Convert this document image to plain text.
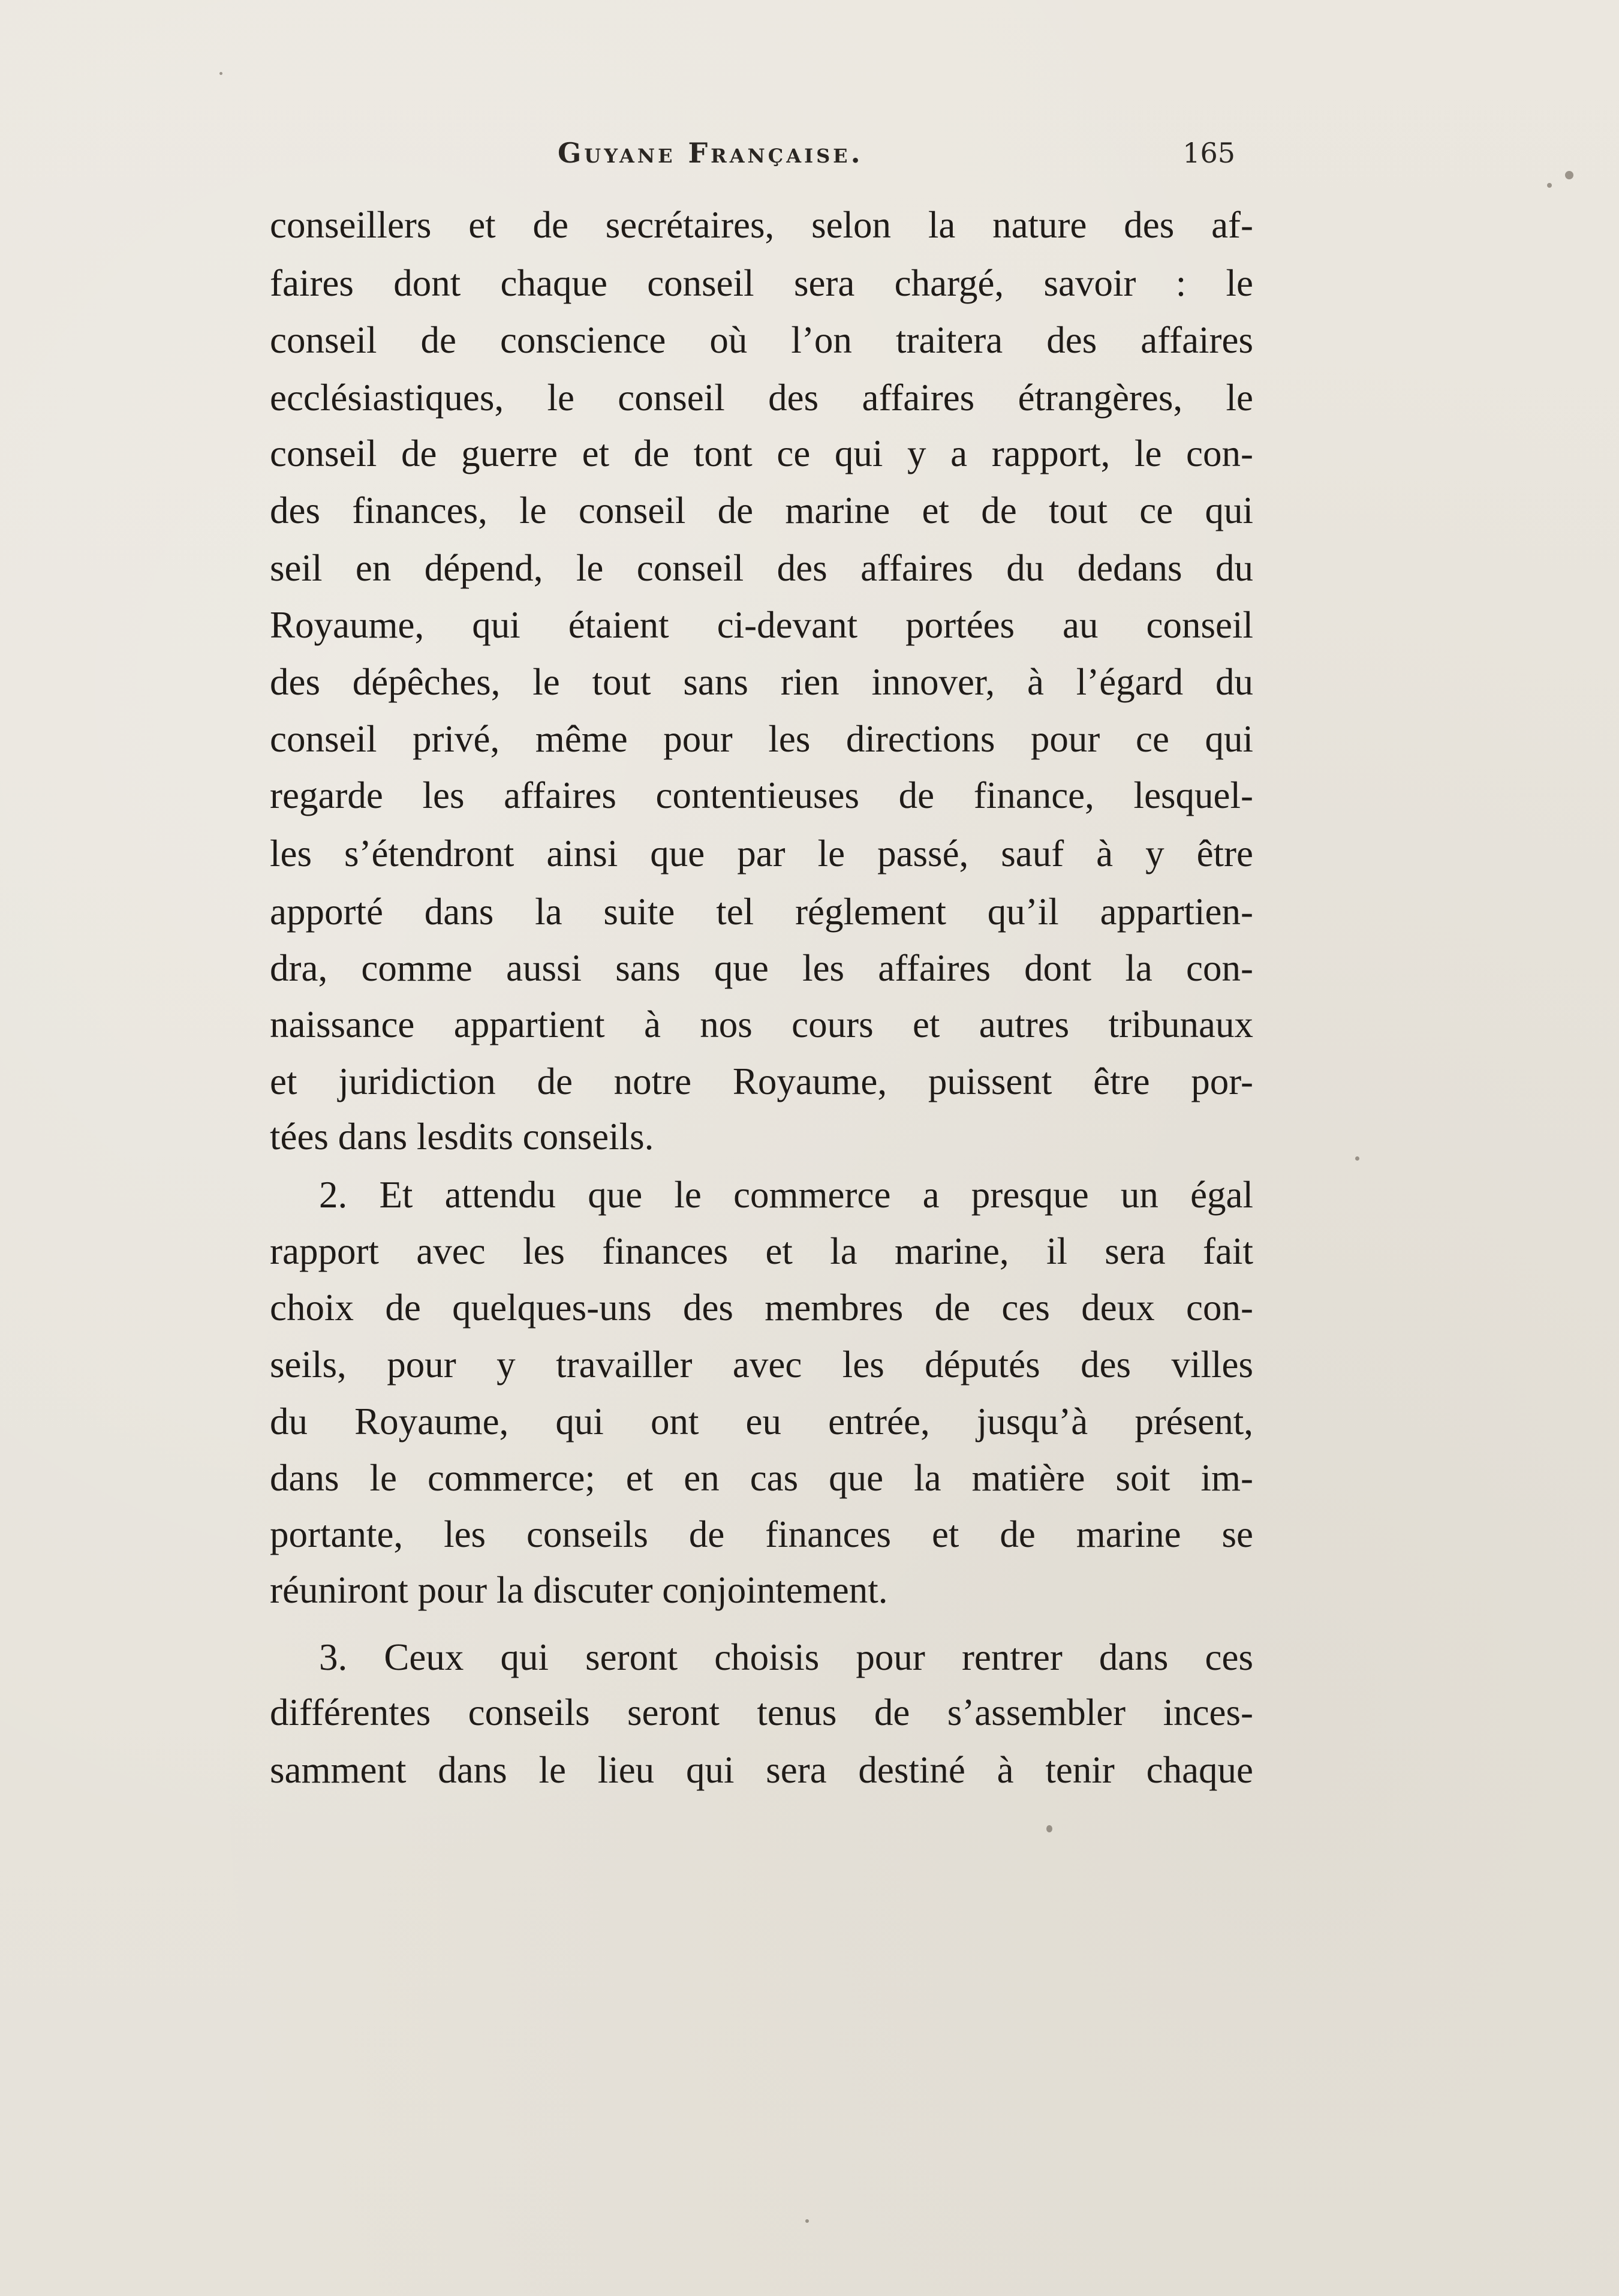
Guyane Française.	165
conseillers et de secrétaires, selon la nature des af-
faires dont chaque conseil sera chargé, savoir : le
conseil de conscience où l’on traitera des affaires
ecclésiastiques, le conseil des affaires étrangères, le
conseil de guerre et de tont ce qui y a rapport, le con-
des finances, le conseil de marine et de tout ce qui
seil en dépend, le conseil des affaires du dedans du
Royaume, qui étaient ci-devant portées au conseil
des dépêches, le tout sans rien innover, à l’égard du
conseil privé, même pour les directions pour ce qui
regarde les affaires contentieuses de finance, lesquel-
les s’étendront ainsi que par le passé, sauf à y être
apporté dans la suite tel réglement qu’il appartien-
dra, comme aussi sans que les affaires dont la con-
naissance appartient à nos cours et autres tribunaux
et juridiction de notre Royaume, puissent être por-
tées dans lesdits conseils.
2. Et attendu que le commerce a presque un égal
rapport avec les finances et la marine, il sera fait
choix de quelques-uns des membres de ces deux con-
seils, pour y travailler avec les députés des villes
du Royaume, qui ont eu entrée, jusqu’à présent,
dans le commerce; et en cas que la matière soit im-
portante, les conseils de finances et de marine se
réuniront pour la discuter conjointement.
3. Ceux qui seront choisis pour rentrer dans ces
différentes conseils seront tenus de s’assembler inces-
samment dans le lieu qui sera destiné à tenir chaque
